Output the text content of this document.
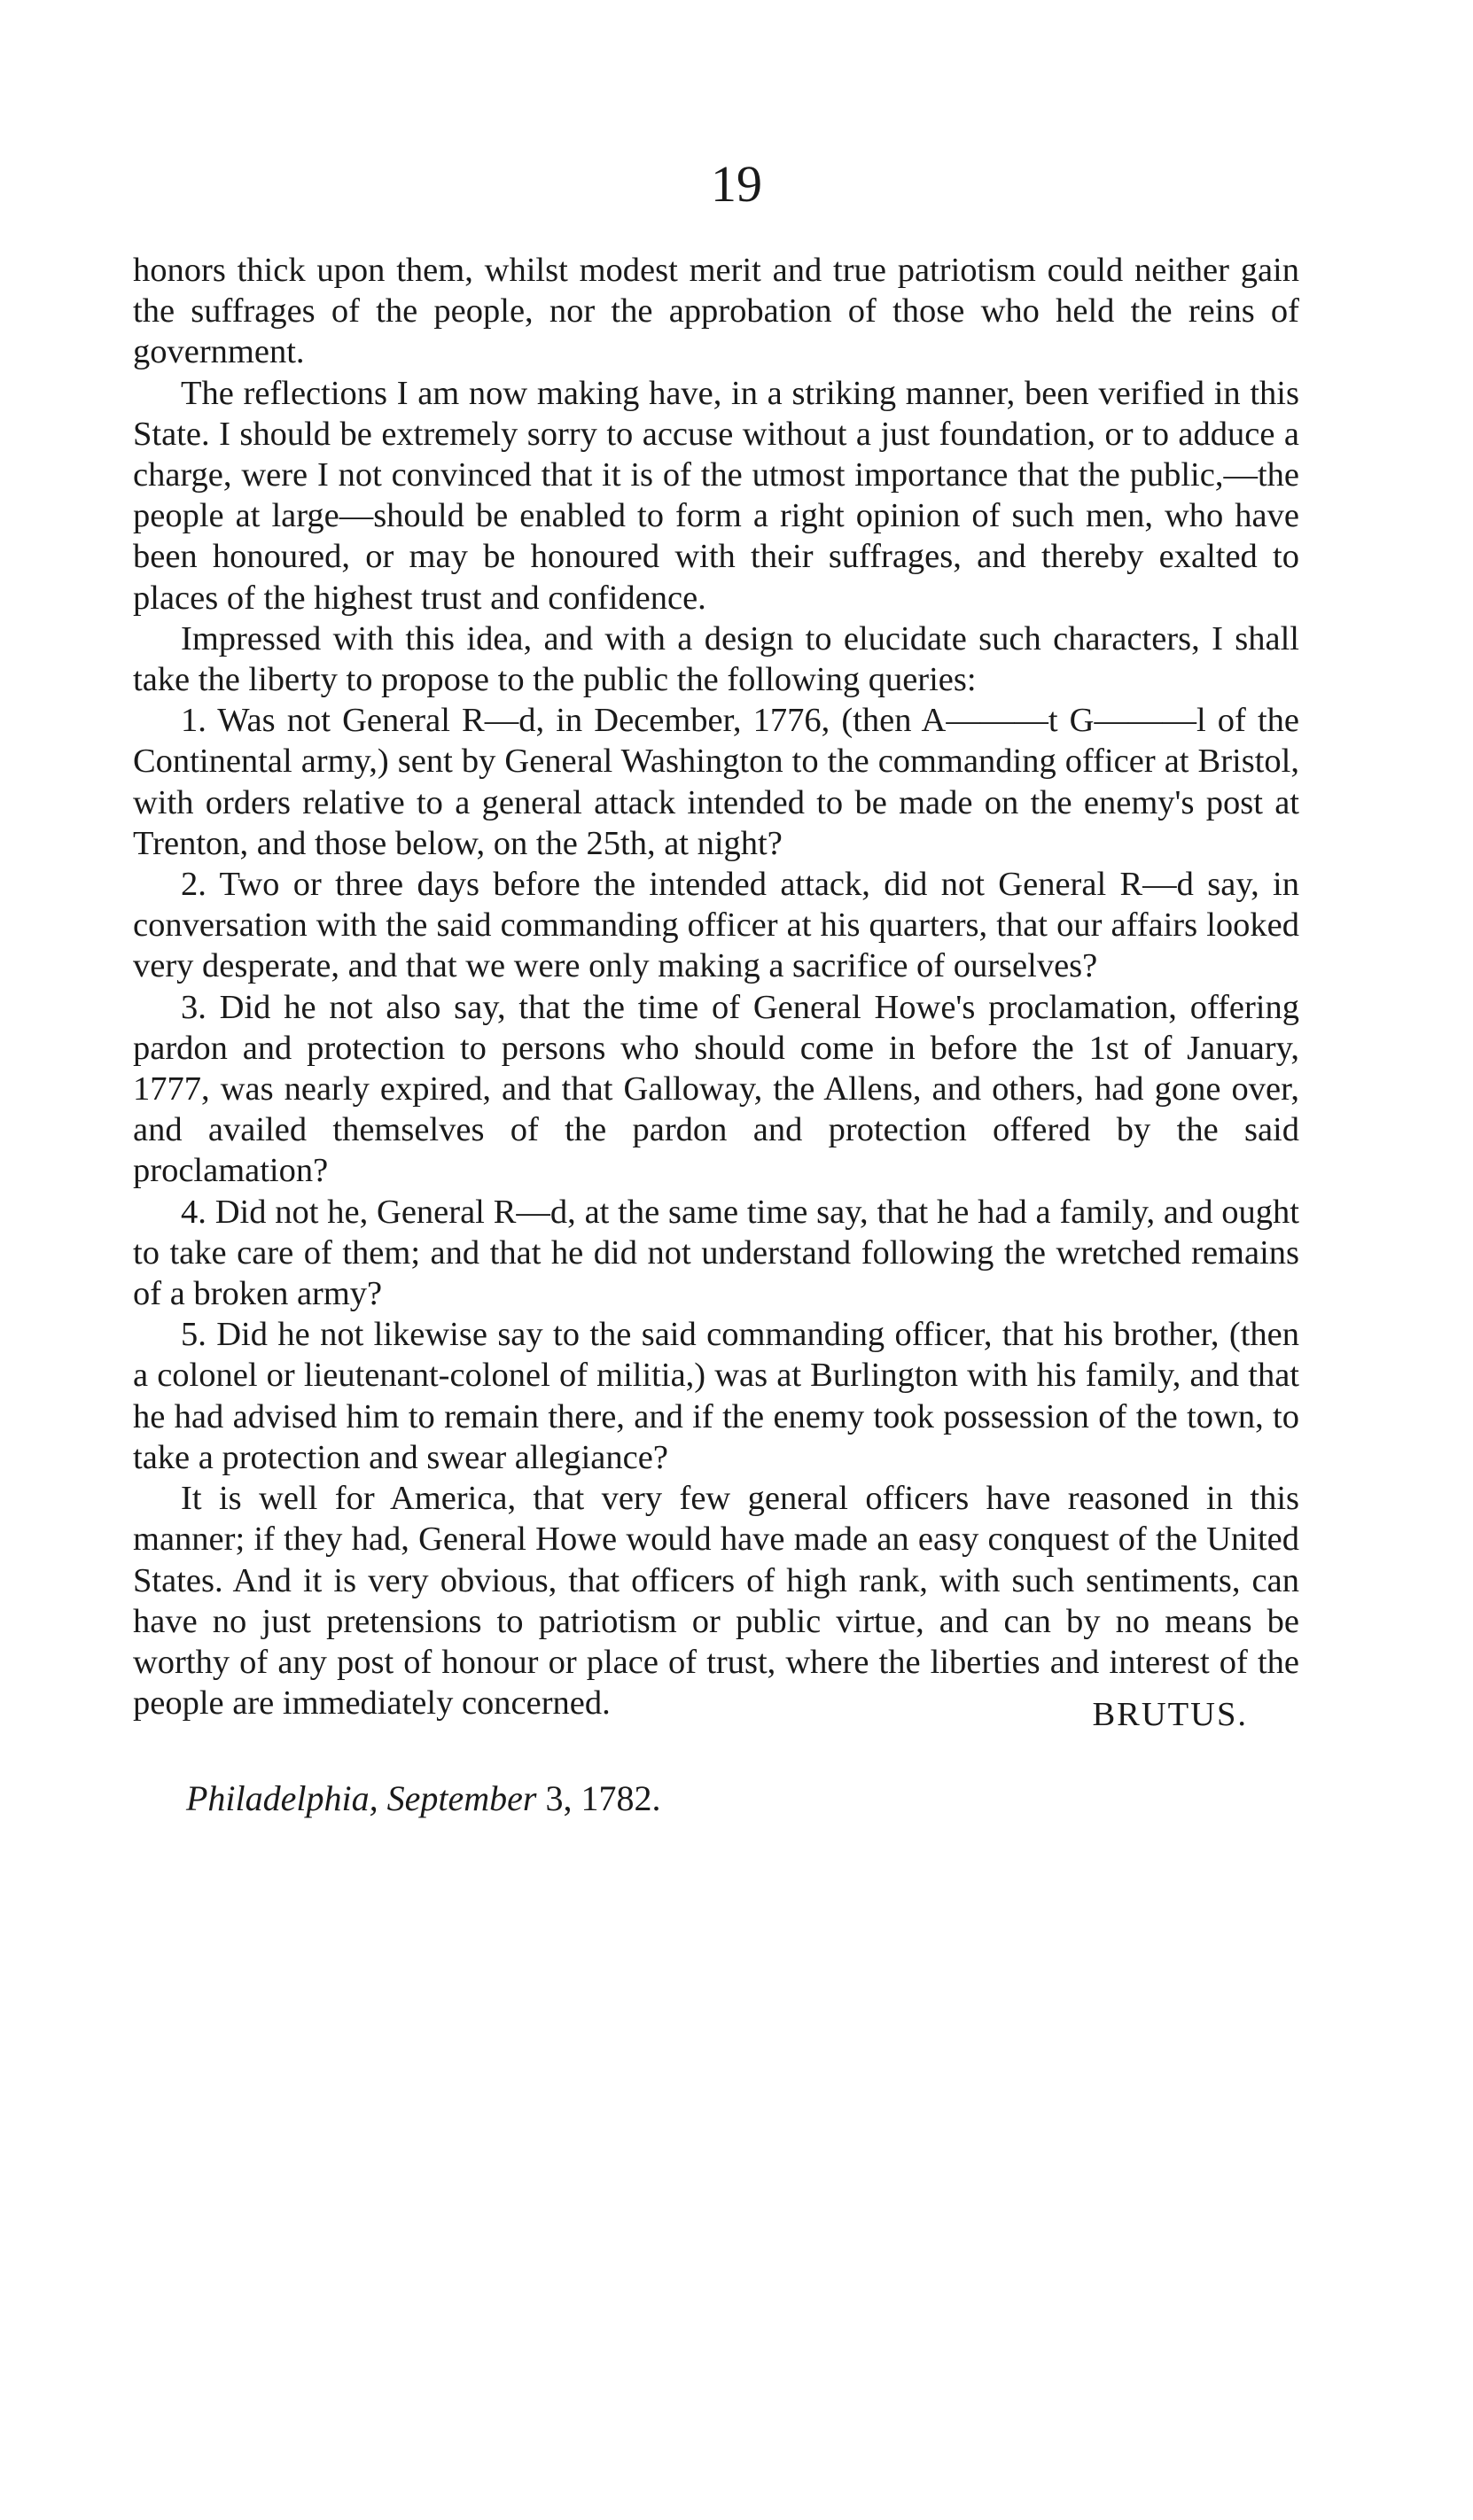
19

honors thick upon them, whilst modest merit and true patriotism could neither gain the suffrages of the people, nor the approbation of those who held the reins of government.

The reflections I am now making have, in a striking manner, been verified in this State. I should be extremely sorry to accuse without a just foundation, or to adduce a charge, were I not convinced that it is of the utmost importance that the public,—the people at large—should be enabled to form a right opinion of such men, who have been honoured, or may be honoured with their suffrages, and thereby exalted to places of the highest trust and confidence.

Impressed with this idea, and with a design to elucidate such characters, I shall take the liberty to propose to the public the following queries:

1. Was not General R—d, in December, 1776, (then A———t G———l of the Continental army,) sent by General Washington to the commanding officer at Bristol, with orders relative to a general attack intended to be made on the enemy's post at Trenton, and those below, on the 25th, at night?

2. Two or three days before the intended attack, did not General R—d say, in conversation with the said commanding officer at his quarters, that our affairs looked very desperate, and that we were only making a sacrifice of ourselves?

3. Did he not also say, that the time of General Howe's proclamation, offering pardon and protection to persons who should come in before the 1st of January, 1777, was nearly expired, and that Galloway, the Allens, and others, had gone over, and availed themselves of the pardon and protection offered by the said proclamation?

4. Did not he, General R—d, at the same time say, that he had a family, and ought to take care of them; and that he did not understand following the wretched remains of a broken army?

5. Did he not likewise say to the said commanding officer, that his brother, (then a colonel or lieutenant-colonel of militia,) was at Burlington with his family, and that he had advised him to remain there, and if the enemy took possession of the town, to take a protection and swear allegiance?

It is well for America, that very few general officers have reasoned in this manner; if they had, General Howe would have made an easy conquest of the United States. And it is very obvious, that officers of high rank, with such sentiments, can have no just pretensions to patriotism or public virtue, and can by no means be worthy of any post of honour or place of trust, where the liberties and interest of the people are immediately concerned.	BRUTUS.
Philadelphia, September 3, 1782.
